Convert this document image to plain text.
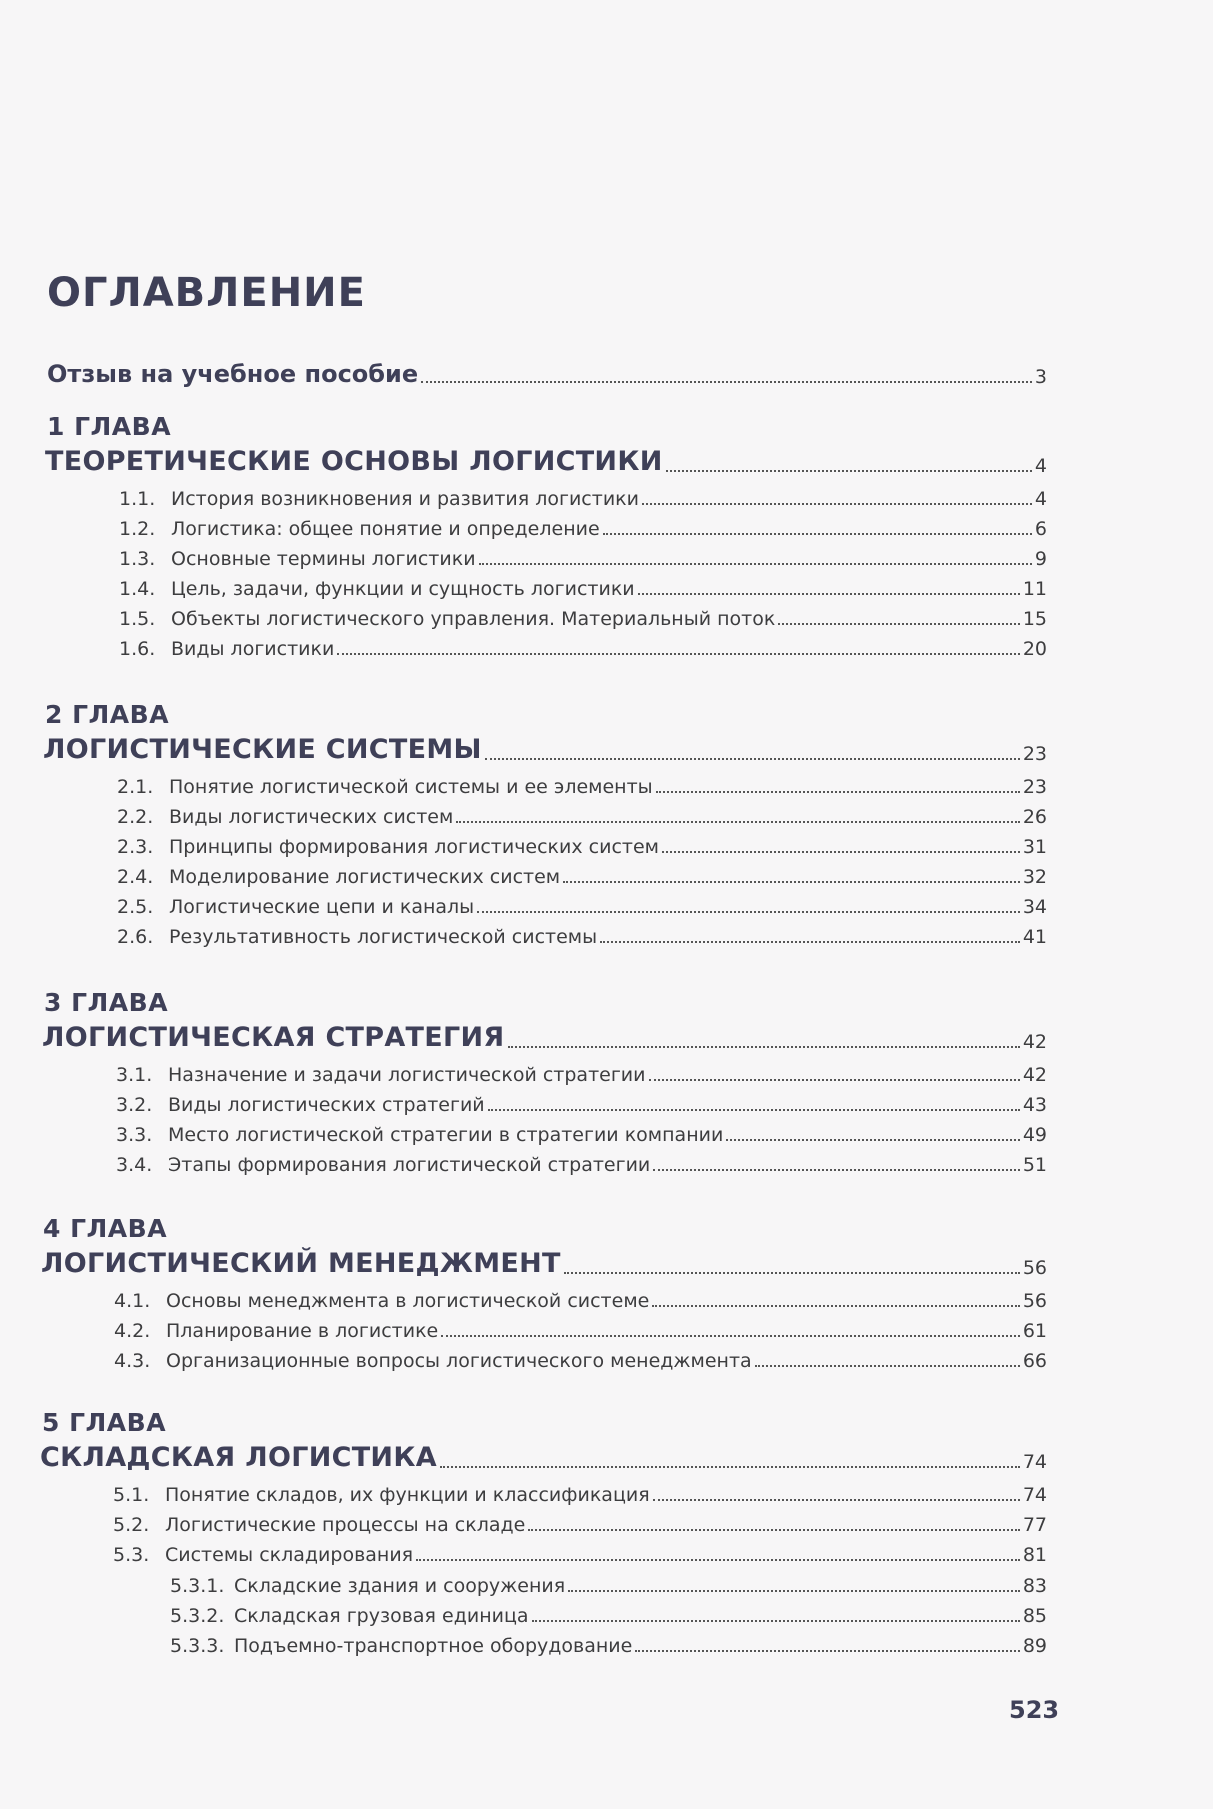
ОГЛАВЛЕНИЕ
Отзыв на учебное пособие	3
1 ГЛАВА
ТЕОРЕТИЧЕСКИЕ ОСНОВЫ ЛОГИСТИКИ	4
1.1. История возникновения и развития логистики	4
1.2. Логистика: общее понятие и определение	6
1.3. Основные термины логистики	9
1.4. Цель, задачи, функции и сущность логистики	11
1.5. Объекты логистического управления. Материальный поток	15
1.6. Виды логистики	20
2 ГЛАВА
ЛОГИСТИЧЕСКИЕ СИСТЕМЫ	23
2.1. Понятие логистической системы и ее элементы	23
2.2. Виды логистических систем	26
2.3. Принципы формирования логистических систем	31
2.4. Моделирование логистических систем	32
2.5. Логистические цепи и каналы	34
2.6. Результативность логистической системы	41
3 ГЛАВА
ЛОГИСТИЧЕСКАЯ СТРАТЕГИЯ	42
3.1. Назначение и задачи логистической стратегии	42
3.2. Виды логистических стратегий	43
3.3. Место логистической стратегии в стратегии компании	49
3.4. Этапы формирования логистической стратегии	51
4 ГЛАВА
ЛОГИСТИЧЕСКИЙ МЕНЕДЖМЕНТ	56
4.1. Основы менеджмента в логистической системе	56
4.2. Планирование в логистике	61
4.3. Организационные вопросы логистического менеджмента	66
5 ГЛАВА
СКЛАДСКАЯ ЛОГИСТИКА	74
5.1. Понятие складов, их функции и классификация	74
5.2. Логистические процессы на складе	77
5.3. Системы складирования	81
5.3.1. Складские здания и сооружения	83
5.3.2. Складская грузовая единица	85
5.3.3. Подъемно-транспортное оборудование	89
523
